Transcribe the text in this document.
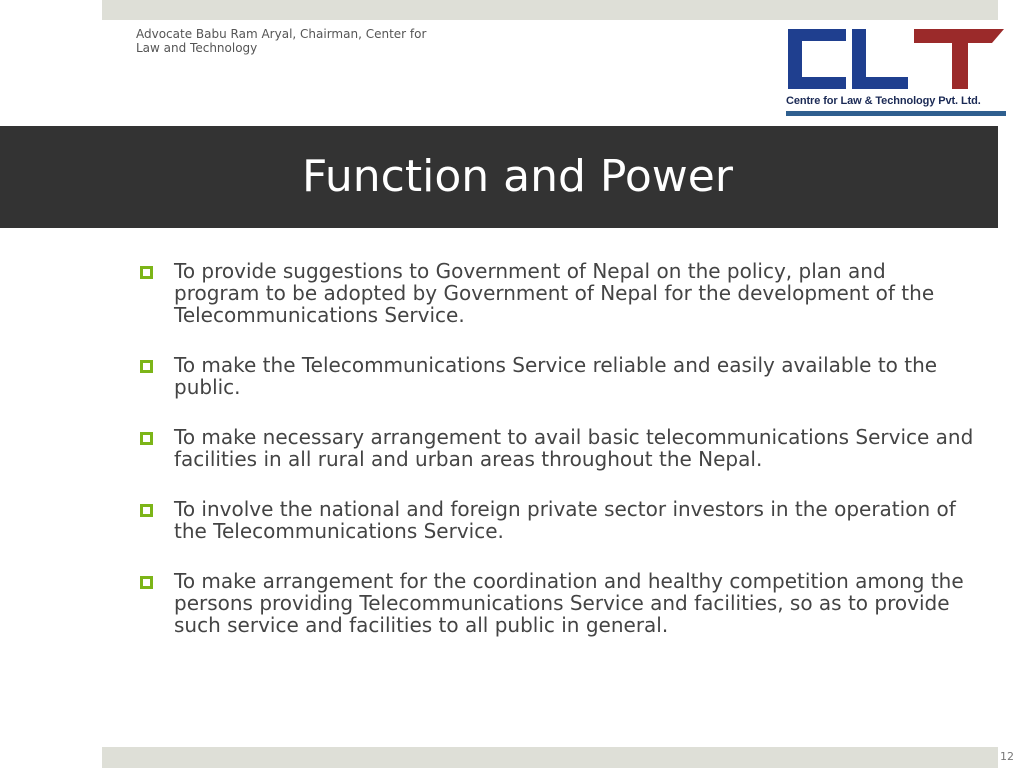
Advocate Babu Ram Aryal, Chairman, Center for Law and Technology
Centre for Law & Technology Pvt. Ltd.
Function and Power
To provide suggestions to Government of Nepal on the policy, plan and program to be adopted by Government of Nepal for the development of the Telecommunications Service.
To make the Telecommunications Service reliable and easily available to the public.
To make necessary arrangement to avail basic telecommunications Service and facilities in all rural and urban areas throughout the Nepal.
To involve the national and foreign private sector investors in the operation of the Telecommunications Service.
To make arrangement for the coordination and healthy competition among the persons providing Telecommunications Service and facilities, so as to provide such service and facilities to all public in general.
12
